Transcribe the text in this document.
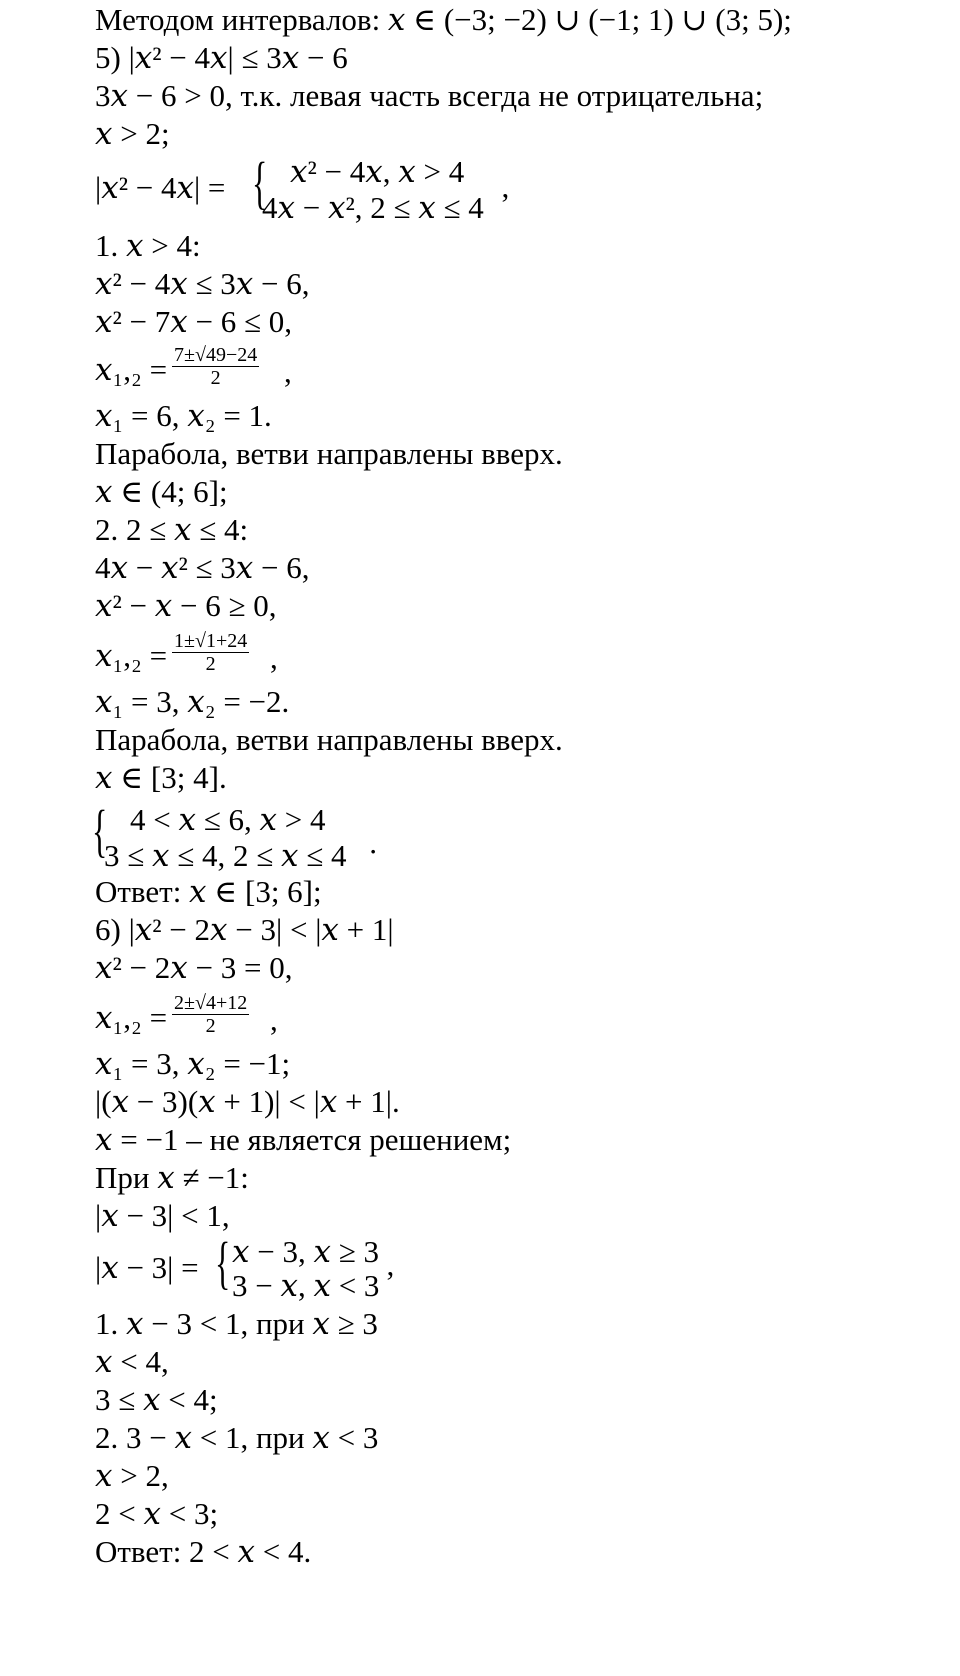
Методом интервалов: 𝑥 ∈ (−3; −2) ∪ (−1; 1) ∪ (3; 5);
5) |𝑥² − 4𝑥| ≤ 3𝑥 − 6
3𝑥 − 6 > 0, т.к. левая часть всегда не отрицательна;
𝑥 > 2;
|𝑥² − 4𝑥| = { 𝑥² − 4𝑥, 𝑥 > 4
4𝑥 − 𝑥², 2 ≤ 𝑥 ≤ 4 ’
1. 𝑥 > 4:
𝑥² − 4𝑥 ≤ 3𝑥 − 6,
𝑥² − 7𝑥 − 6 ≤ 0,
𝑥₁,₂ = $\frac{7\pm√49-24}{2}$ ,
𝑥₁ = 6, 𝑥₂ = 1.
Парабола, ветви направлены вверх.
𝑥 ∈ (4; 6];
2. 2 ≤ 𝑥 ≤ 4:
4𝑥 − 𝑥² ≤ 3𝑥 − 6,
𝑥² − 𝑥 − 6 ≥ 0,
𝑥₁,₂ = $\frac{1\pm√1+24}{2}$ ,
𝑥₁ = 3, 𝑥₂ = −2.
Парабола, ветви направлены вверх.
𝑥 ∈ [3; 4].
{ 4 < 𝑥 ≤ 6, 𝑥 > 4
3 ≤ 𝑥 ≤ 4, 2 ≤ 𝑥 ≤ 4 ·
Ответ: 𝑥 ∈ [3; 6];
6) |𝑥² − 2𝑥 − 3| < |𝑥 + 1|
𝑥² − 2𝑥 − 3 = 0,
𝑥₁,₂ = $\frac{2\pm√4+12}{2}$ ,
𝑥₁ = 3, 𝑥₂ = −1;
|(𝑥 − 3)(𝑥 + 1)| < |𝑥 + 1|.
𝑥 = −1 – не является решением;
При 𝑥 ≠ −1:
|𝑥 − 3| < 1,
|𝑥 − 3| = { 𝑥 − 3, 𝑥 ≥ 3
3 − 𝑥, 𝑥 < 3 ’
1. 𝑥 − 3 < 1, при 𝑥 ≥ 3
𝑥 < 4,
3 ≤ 𝑥 < 4;
2. 3 − 𝑥 < 1, при 𝑥 < 3
𝑥 > 2,
2 < 𝑥 < 3;
Ответ: 2 < 𝑥 < 4.
